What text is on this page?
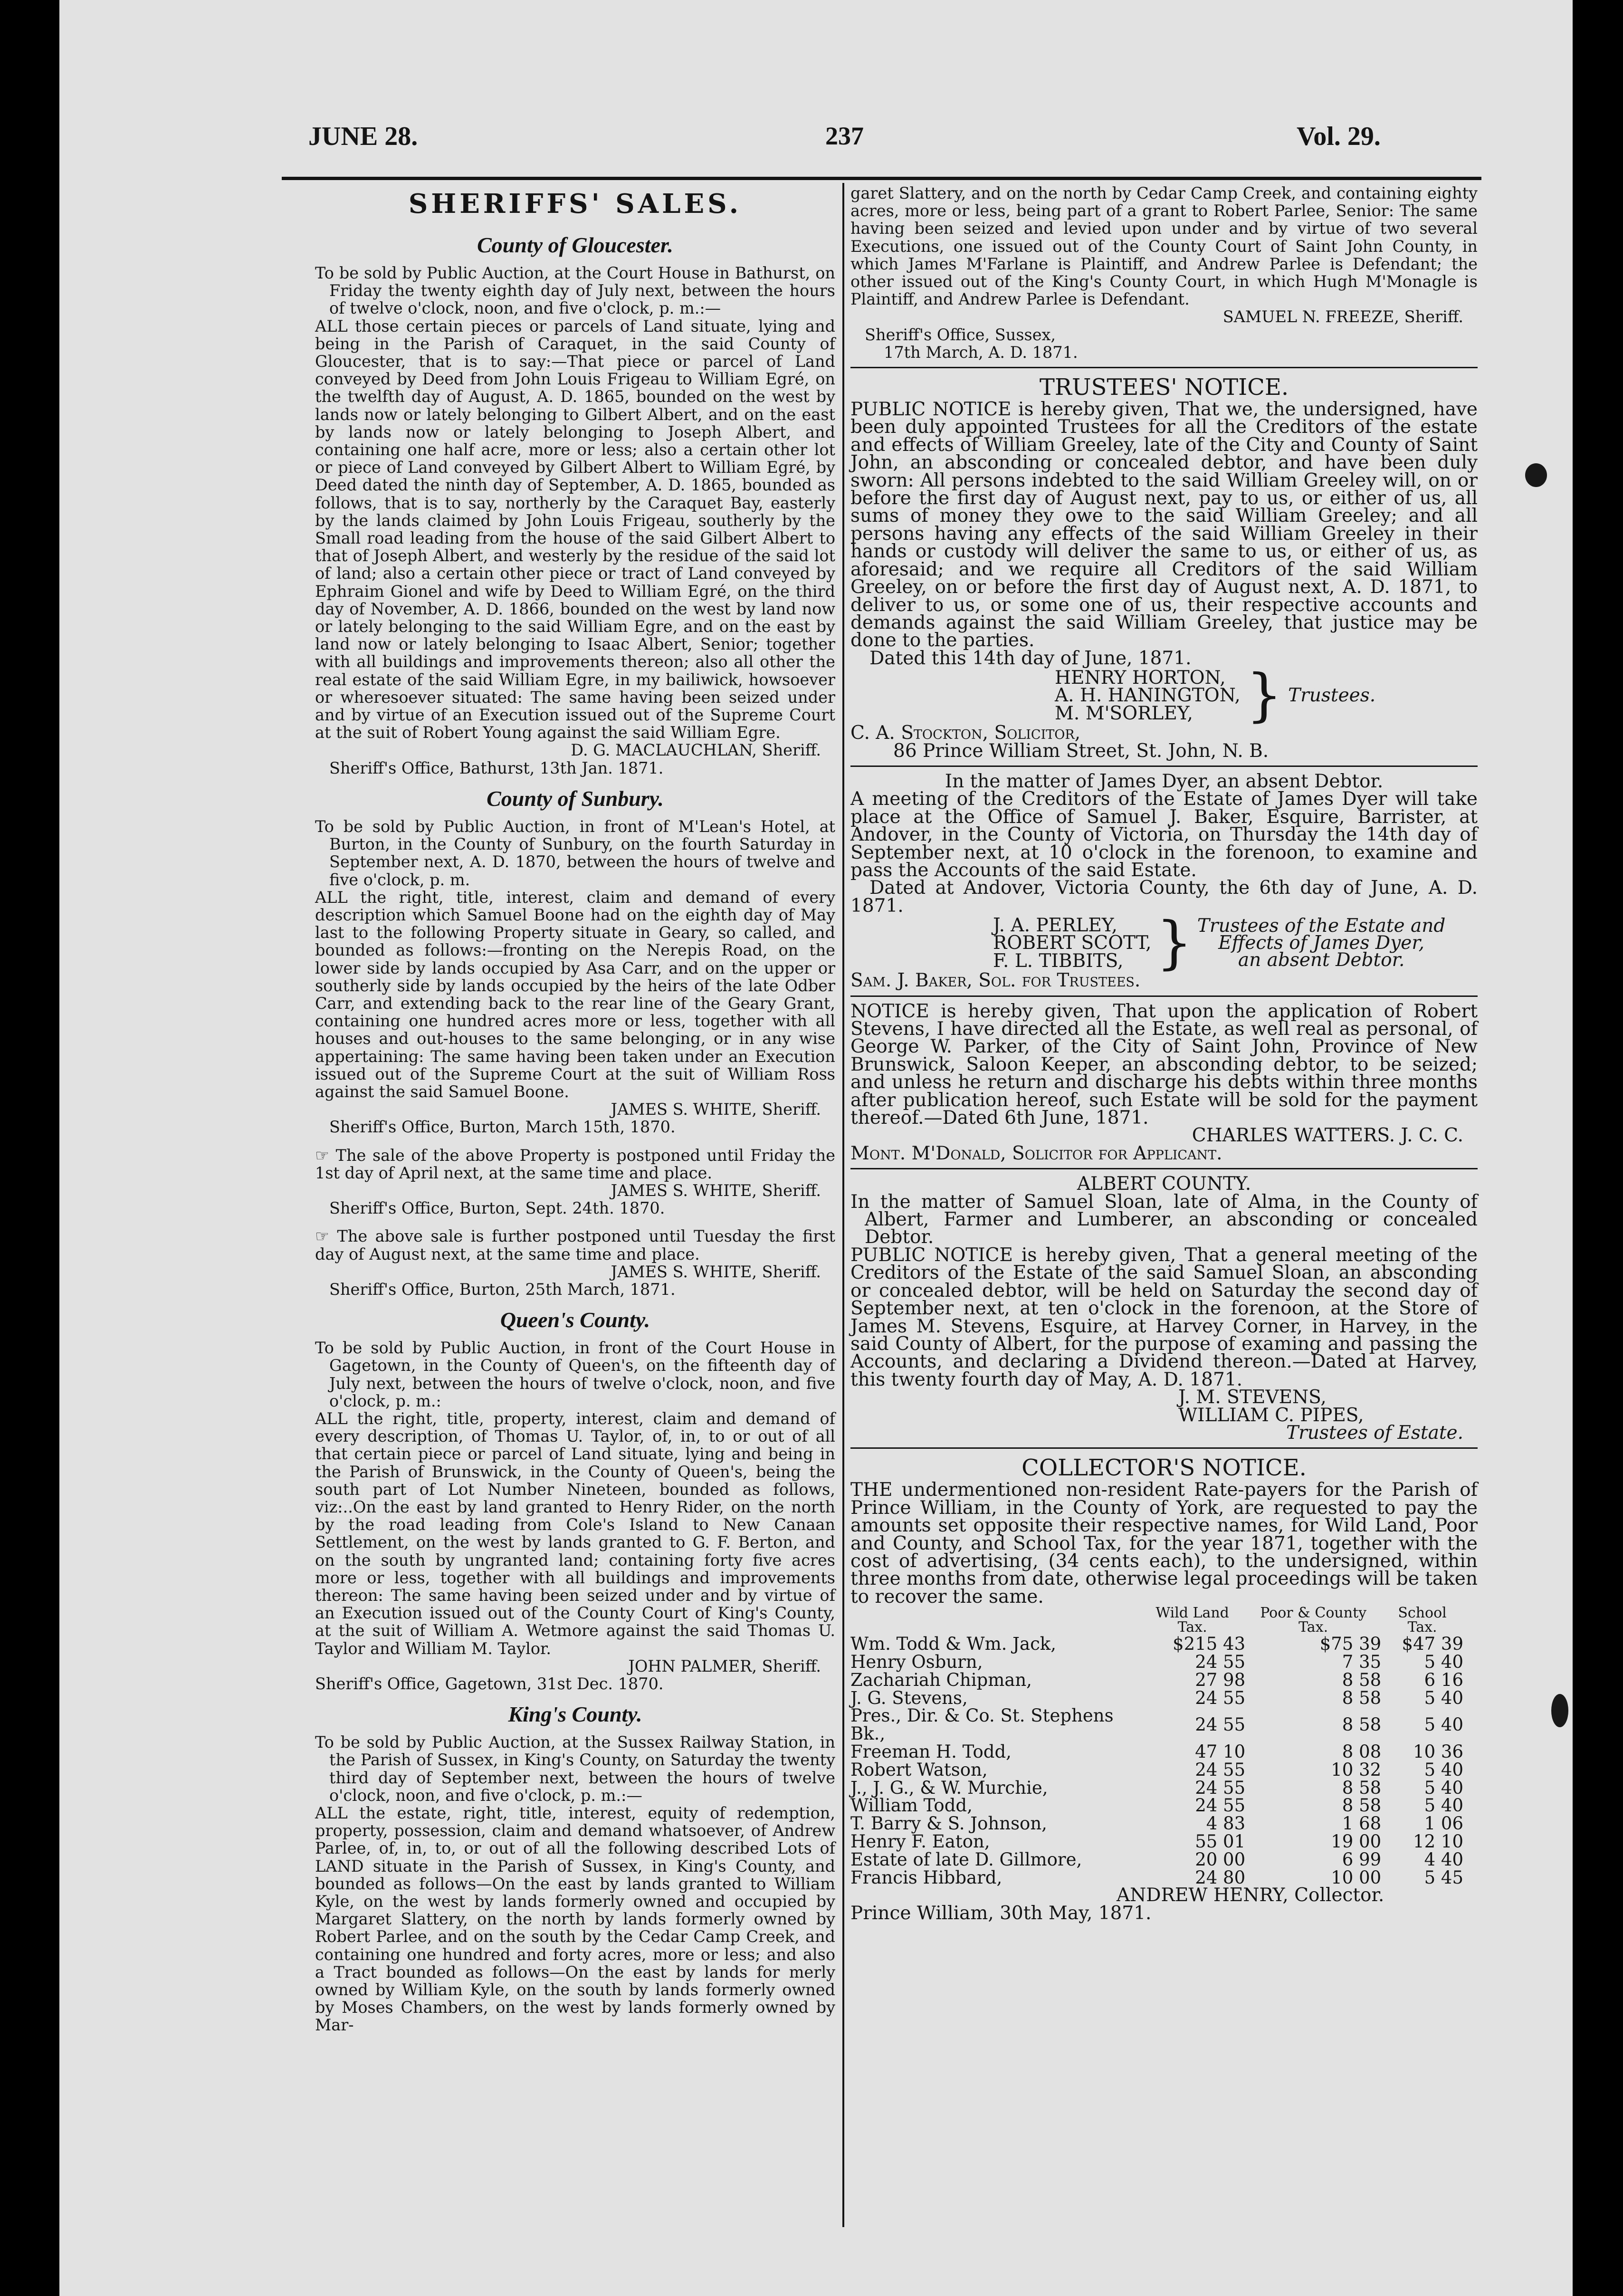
JUNE 28.	237	Vol. 29.
SHERIFFS' SALES.
County of Gloucester.

To be sold by Public Auction, at the Court House in Bathurst, on Friday the twenty eighth day of July next, between the hours of twelve o'clock, noon, and five o'clock, p. m.:—

ALL those certain pieces or parcels of Land situate, lying and being in the Parish of Caraquet, in the said County of Gloucester, that is to say:—That piece or parcel of Land conveyed by Deed from John Louis Frigeau to William Egré, on the twelfth day of August, A. D. 1865, bounded on the west by lands now or lately belonging to Gilbert Albert, and on the east by lands now or lately belonging to Joseph Albert, and containing one half acre, more or less; also a certain other lot or piece of Land conveyed by Gilbert Albert to William Egré, by Deed dated the ninth day of September, A. D. 1865, bounded as follows, that is to say, northerly by the Caraquet Bay, easterly by the lands claimed by John Louis Frigeau, southerly by the Small road leading from the house of the said Gilbert Albert to that of Joseph Albert, and westerly by the residue of the said lot of land; also a certain other piece or tract of Land conveyed by Ephraim Gionel and wife by Deed to William Egré, on the third day of November, A. D. 1866, bounded on the west by land now or lately belonging to the said William Egre, and on the east by land now or lately belonging to Isaac Albert, Senior; together with all buildings and improvements thereon; also all other the real estate of the said William Egre, in my bailiwick, howsoever or wheresoever situated: The same having been seized under and by virtue of an Execution issued out of the Supreme Court at the suit of Robert Young against the said William Egre.

D. G. MACLAUCHLAN, Sheriff.

Sheriff's Office, Bathurst, 13th Jan. 1871.

County of Sunbury.

To be sold by Public Auction, in front of M'Lean's Hotel, at Burton, in the County of Sunbury, on the fourth Saturday in September next, A. D. 1870, between the hours of twelve and five o'clock, p. m.

ALL the right, title, interest, claim and demand of every description which Samuel Boone had on the eighth day of May last to the following Property situate in Geary, so called, and bounded as follows:—fronting on the Nerepis Road, on the lower side by lands occupied by Asa Carr, and on the upper or southerly side by lands occupied by the heirs of the late Odber Carr, and extending back to the rear line of the Geary Grant, containing one hundred acres more or less, together with all houses and out-houses to the same belonging, or in any wise appertaining: The same having been taken under an Execution issued out of the Supreme Court at the suit of William Ross against the said Samuel Boone.

JAMES S. WHITE, Sheriff.

Sheriff's Office, Burton, March 15th, 1870.

☞ The sale of the above Property is postponed until Friday the 1st day of April next, at the same time and place.

JAMES S. WHITE, Sheriff.

Sheriff's Office, Burton, Sept. 24th. 1870.

☞ The above sale is further postponed until Tuesday the first day of August next, at the same time and place.

JAMES S. WHITE, Sheriff.

Sheriff's Office, Burton, 25th March, 1871.

Queen's County.

To be sold by Public Auction, in front of the Court House in Gagetown, in the County of Queen's, on the fifteenth day of July next, between the hours of twelve o'clock, noon, and five o'clock, p. m.:

ALL the right, title, property, interest, claim and demand of every description, of Thomas U. Taylor, of, in, to or out of all that certain piece or parcel of Land situate, lying and being in the Parish of Brunswick, in the County of Queen's, being the south part of Lot Number Nineteen, bounded as follows, viz:..On the east by land granted to Henry Rider, on the north by the road leading from Cole's Island to New Canaan Settlement, on the west by lands granted to G. F. Berton, and on the south by ungranted land; containing forty five acres more or less, together with all buildings and improvements thereon: The same having been seized under and by virtue of an Execution issued out of the County Court of King's County, at the suit of William A. Wetmore against the said Thomas U. Taylor and William M. Taylor.

JOHN PALMER, Sheriff.

Sheriff's Office, Gagetown, 31st Dec. 1870.

King's County.

To be sold by Public Auction, at the Sussex Railway Station, in the Parish of Sussex, in King's County, on Saturday the twenty third day of September next, between the hours of twelve o'clock, noon, and five o'clock, p. m.:—

ALL the estate, right, title, interest, equity of redemption, property, possession, claim and demand whatsoever, of Andrew Parlee, of, in, to, or out of all the following described Lots of LAND situate in the Parish of Sussex, in King's County, and bounded as follows—On the east by lands granted to William Kyle, on the west by lands formerly owned and occupied by Margaret Slattery, on the north by lands formerly owned by Robert Parlee, and on the south by the Cedar Camp Creek, and containing one hundred and forty acres, more or less; and also a Tract bounded as follows—On the east by lands for merly owned by William Kyle, on the south by lands formerly owned by Moses Chambers, on the west by lands formerly owned by Mar-

garet Slattery, and on the north by Cedar Camp Creek, and containing eighty acres, more or less, being part of a grant to Robert Parlee, Senior: The same having been seized and levied upon under and by virtue of two several Executions, one issued out of the County Court of Saint John County, in which James M'Farlane is Plaintiff, and Andrew Parlee is Defendant; the other issued out of the King's County Court, in which Hugh M'Monagle is Plaintiff, and Andrew Parlee is Defendant.

SAMUEL N. FREEZE, Sheriff.

Sheriff's Office, Sussex,

17th March, A. D. 1871.

TRUSTEES' NOTICE.

PUBLIC NOTICE is hereby given, That we, the undersigned, have been duly appointed Trustees for all the Creditors of the estate and effects of William Greeley, late of the City and County of Saint John, an absconding or concealed debtor, and have been duly sworn: All persons indebted to the said William Greeley will, on or before the first day of August next, pay to us, or either of us, all sums of money they owe to the said William Greeley; and all persons having any effects of the said William Greeley in their hands or custody will deliver the same to us, or either of us, as aforesaid; and we require all Creditors of the said William Greeley, on or before the first day of August next, A. D. 1871, to deliver to us, or some one of us, their respective accounts and demands against the said William Greeley, that justice may be done to the parties.

Dated this 14th day of June, 1871.

HENRY HORTON,
A. H. HANINGTON,
M. M'SORLEY, } Trustees.

C. A. Stockton, Solicitor,

86 Prince William Street, St. John, N. B.

In the matter of James Dyer, an absent Debtor.

A meeting of the Creditors of the Estate of James Dyer will take place at the Office of Samuel J. Baker, Esquire, Barrister, at Andover, in the County of Victoria, on Thursday the 14th day of September next, at 10 o'clock in the forenoon, to examine and pass the Accounts of the said Estate.

Dated at Andover, Victoria County, the 6th day of June, A. D. 1871.

J. A. PERLEY,
ROBERT SCOTT,
F. L. TIBBITS, } Trustees of the Estate and
Effects of James Dyer,
an absent Debtor.

Sam. J. Baker, Sol. for Trustees.

NOTICE is hereby given, That upon the application of Robert Stevens, I have directed all the Estate, as well real as personal, of George W. Parker, of the City of Saint John, Province of New Brunswick, Saloon Keeper, an absconding debtor, to be seized; and unless he return and discharge his debts within three months after publication hereof, such Estate will be sold for the payment thereof.—Dated 6th June, 1871.

CHARLES WATTERS. J. C. C.

Mont. M'Donald, Solicitor for Applicant.

ALBERT COUNTY.

In the matter of Samuel Sloan, late of Alma, in the County of Albert, Farmer and Lumberer, an absconding or concealed Debtor.

PUBLIC NOTICE is hereby given, That a general meeting of the Creditors of the Estate of the said Samuel Sloan, an absconding or concealed debtor, will be held on Saturday the second day of September next, at ten o'clock in the forenoon, at the Store of James M. Stevens, Esquire, at Harvey Corner, in Harvey, in the said County of Albert, for the purpose of examing and passing the Accounts, and declaring a Dividend thereon.—Dated at Harvey, this twenty fourth day of May, A. D. 1871.

J. M. STEVENS,

WILLIAM C. PIPES,

Trustees of Estate.

COLLECTOR'S NOTICE.

THE undermentioned non-resident Rate-payers for the Parish of Prince William, in the County of York, are requested to pay the amounts set opposite their respective names, for Wild Land, Poor and County, and School Tax, for the year 1871, together with the cost of advertising, (34 cents each), to the undersigned, within three months from date, otherwise legal proceedings will be taken to recover the same.

	Wild Land Tax.	Poor & County Tax.	School Tax.
Wm. Todd & Wm. Jack,	$215 43	$75 39	$47 39
Henry Osburn,	24 55	7 35	5 40
Zachariah Chipman,	27 98	8 58	6 16
J. G. Stevens,	24 55	8 58	5 40
Pres., Dir. & Co. St. Stephens Bk.,	24 55	8 58	5 40
Freeman H. Todd,	47 10	8 08	10 36
Robert Watson,	24 55	10 32	5 40
J., J. G., & W. Murchie,	24 55	8 58	5 40
William Todd,	24 55	8 58	5 40
T. Barry & S. Johnson,	4 83	1 68	1 06
Henry F. Eaton,	55 01	19 00	12 10
Estate of late D. Gillmore,	20 00	6 99	4 40
Francis Hibbard,	24 80	10 00	5 45

ANDREW HENRY, Collector.

Prince William, 30th May, 1871.
